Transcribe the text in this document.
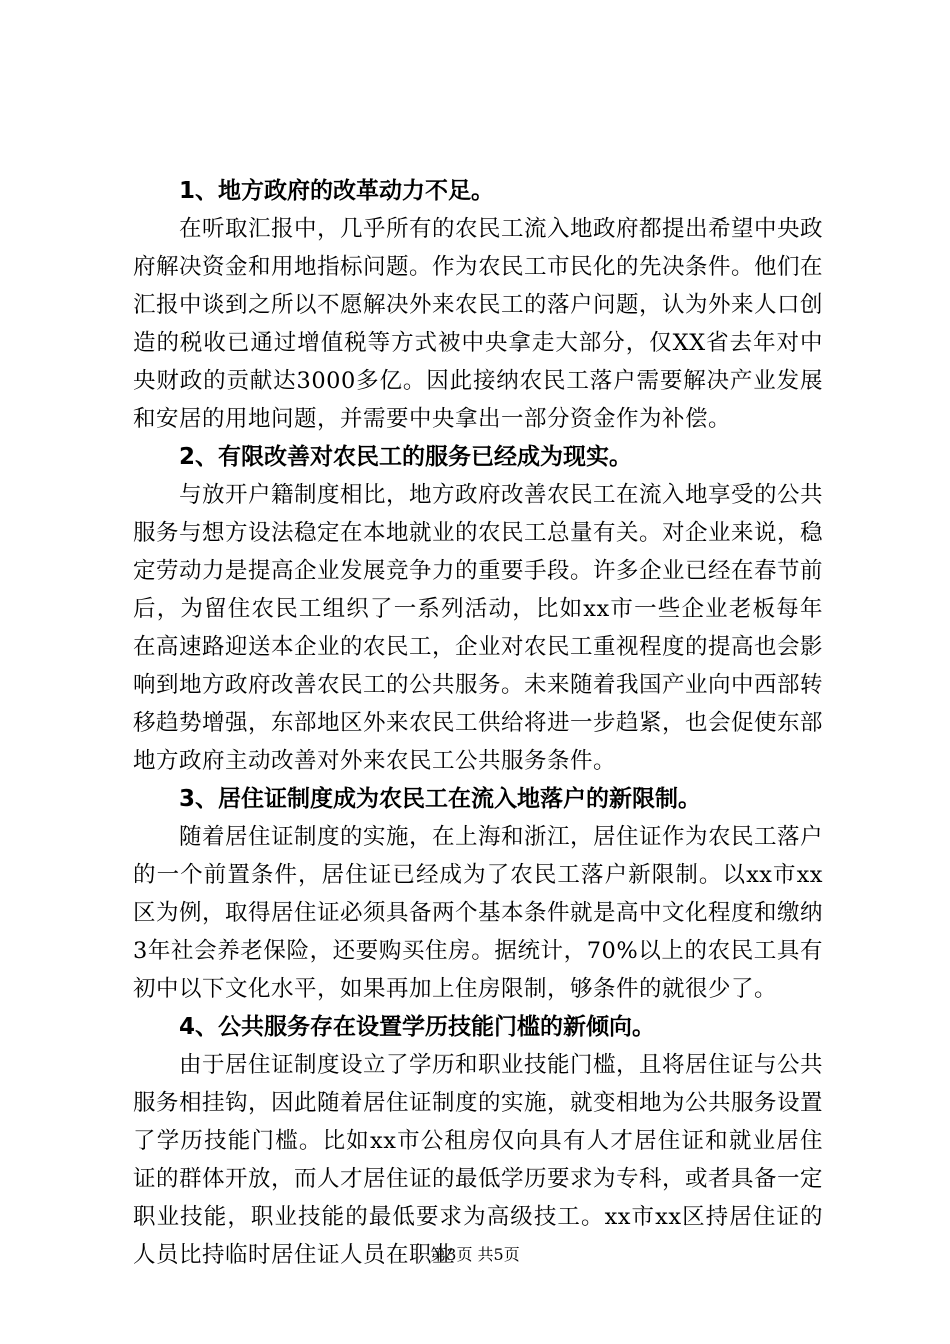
1、地方政府的改革动力不足。

在听取汇报中，几乎所有的农民工流入地政府都提出希望中央政府解决资金和用地指标问题。作为农民工市民化的先决条件。他们在汇报中谈到之所以不愿解决外来农民工的落户问题，认为外来人口创造的税收已通过增值税等方式被中央拿走大部分，仅XX省去年对中央财政的贡献达3000多亿。因此接纳农民工落户需要解决产业发展和安居的用地问题，并需要中央拿出一部分资金作为补偿。

2、有限改善对农民工的服务已经成为现实。

与放开户籍制度相比，地方政府改善农民工在流入地享受的公共服务与想方设法稳定在本地就业的农民工总量有关。对企业来说，稳定劳动力是提高企业发展竞争力的重要手段。许多企业已经在春节前后，为留住农民工组织了一系列活动，比如xx市一些企业老板每年在高速路迎送本企业的农民工，企业对农民工重视程度的提高也会影响到地方政府改善农民工的公共服务。未来随着我国产业向中西部转移趋势增强，东部地区外来农民工供给将进一步趋紧，也会促使东部地方政府主动改善对外来农民工公共服务条件。

3、居住证制度成为农民工在流入地落户的新限制。

随着居住证制度的实施，在上海和浙江，居住证作为农民工落户的一个前置条件，居住证已经成为了农民工落户新限制。以xx市xx区为例，取得居住证必须具备两个基本条件就是高中文化程度和缴纳3年社会养老保险，还要购买住房。据统计，70%以上的农民工具有初中以下文化水平，如果再加上住房限制，够条件的就很少了。

4、公共服务存在设置学历技能门槛的新倾向。

由于居住证制度设立了学历和职业技能门槛，且将居住证与公共服务相挂钩，因此随着居住证制度的实施，就变相地为公共服务设置了学历技能门槛。比如xx市公租房仅向具有人才居住证和就业居住证的群体开放，而人才居住证的最低学历要求为专科，或者具备一定职业技能，职业技能的最低要求为高级技工。xx市xx区持居住证的人员比持临时居住证人员在职业

第3页 共5页
